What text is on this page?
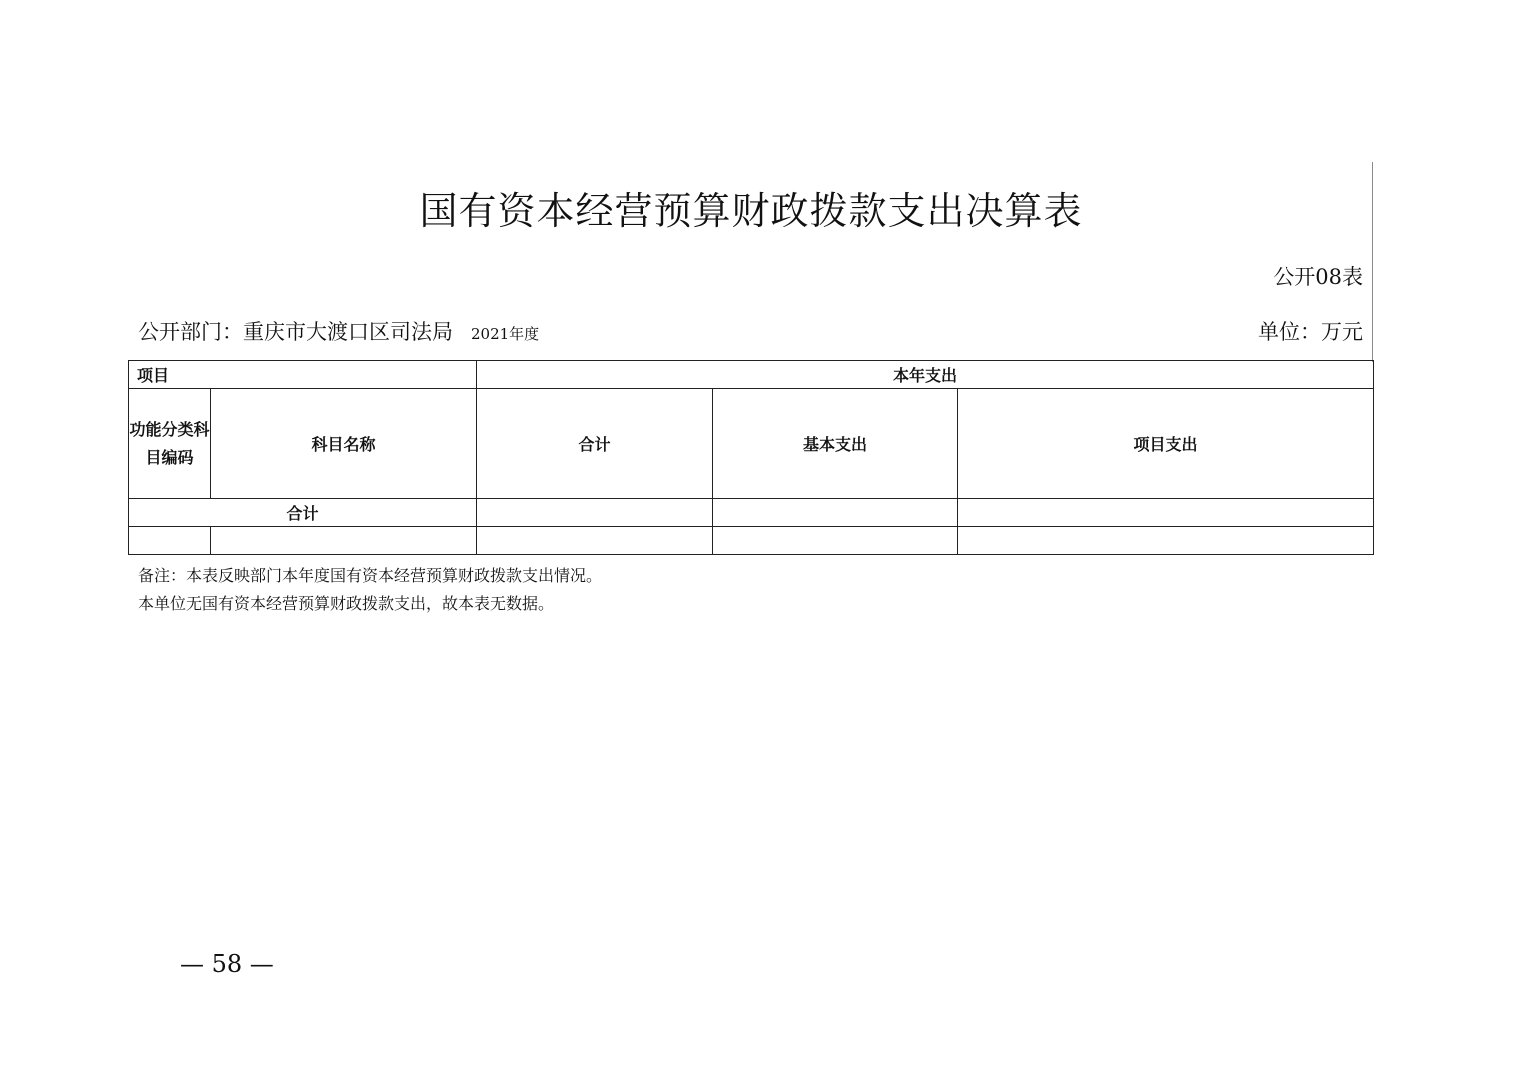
国有资本经营预算财政拨款支出决算表
公开08表
公开部门：重庆市大渡口区司法局 2021年度	单位：万元
项目		本年支出		
功能分类科目编码	科目名称	合计	基本支出	项目支出
合计				

备注：本表反映部门本年度国有资本经营预算财政拨款支出情况。
本单位无国有资本经营预算财政拨款支出，故本表无数据。
— 58 —
